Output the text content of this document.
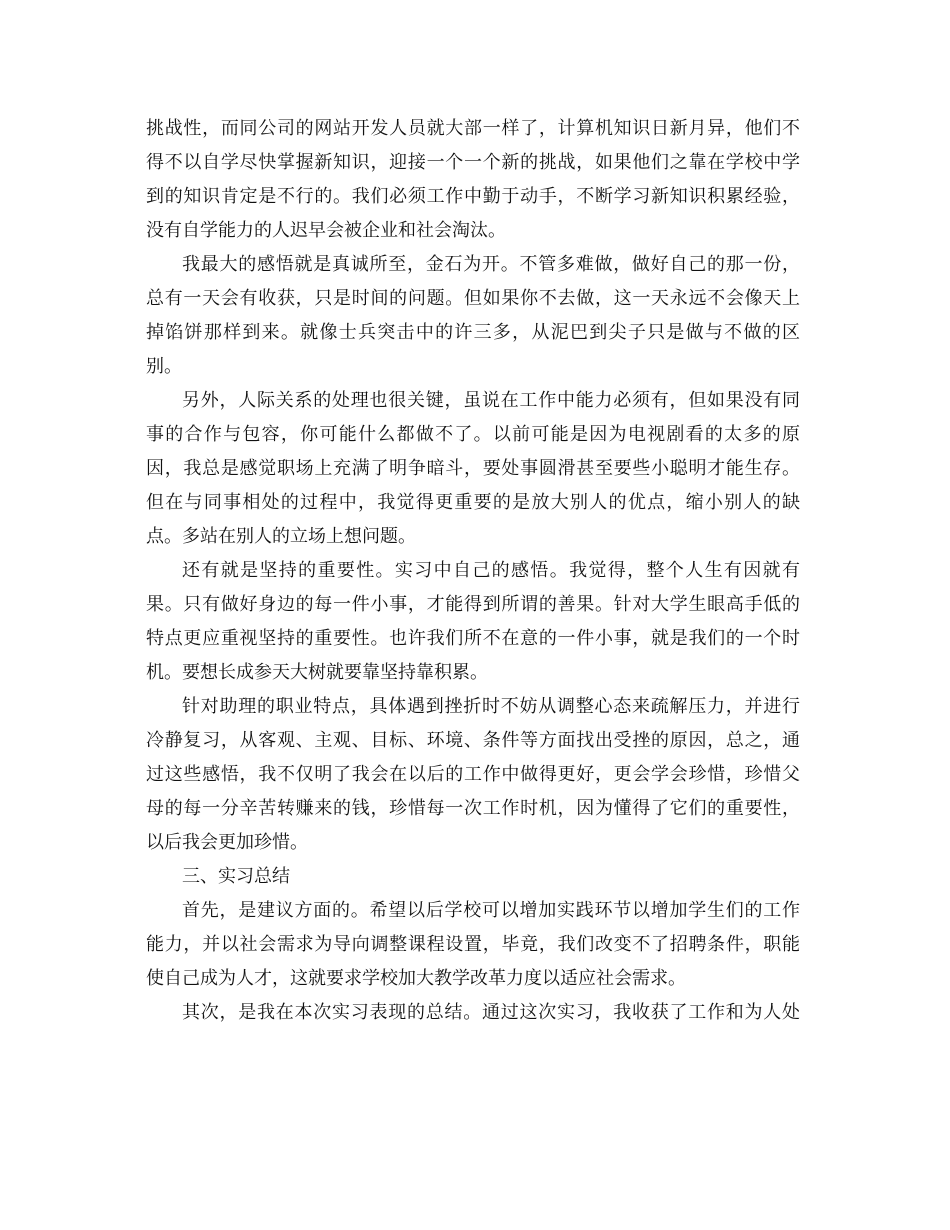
挑战性，而同公司的网站开发人员就大部一样了，计算机知识日新月异，他们不
得不以自学尽快掌握新知识，迎接一个一个新的挑战，如果他们之靠在学校中学
到的知识肯定是不行的。我们必须工作中勤于动手，不断学习新知识积累经验，
没有自学能力的人迟早会被企业和社会淘汰。
我最大的感悟就是真诚所至，金石为开。不管多难做，做好自己的那一份，
总有一天会有收获，只是时间的问题。但如果你不去做，这一天永远不会像天上
掉馅饼那样到来。就像士兵突击中的许三多，从泥巴到尖子只是做与不做的区
别。
另外，人际关系的处理也很关键，虽说在工作中能力必须有，但如果没有同
事的合作与包容，你可能什么都做不了。以前可能是因为电视剧看的太多的原
因，我总是感觉职场上充满了明争暗斗，要处事圆滑甚至要些小聪明才能生存。
但在与同事相处的过程中，我觉得更重要的是放大别人的优点，缩小别人的缺
点。多站在别人的立场上想问题。
还有就是坚持的重要性。实习中自己的感悟。我觉得，整个人生有因就有
果。只有做好身边的每一件小事，才能得到所谓的善果。针对大学生眼高手低的
特点更应重视坚持的重要性。也许我们所不在意的一件小事，就是我们的一个时
机。要想长成参天大树就要靠坚持靠积累。
针对助理的职业特点，具体遇到挫折时不妨从调整心态来疏解压力，并进行
冷静复习，从客观、主观、目标、环境、条件等方面找出受挫的原因，总之，通
过这些感悟，我不仅明了我会在以后的工作中做得更好，更会学会珍惜，珍惜父
母的每一分辛苦转赚来的钱，珍惜每一次工作时机，因为懂得了它们的重要性，
以后我会更加珍惜。
三、实习总结
首先，是建议方面的。希望以后学校可以增加实践环节以增加学生们的工作
能力，并以社会需求为导向调整课程设置，毕竟，我们改变不了招聘条件，职能
使自己成为人才，这就要求学校加大教学改革力度以适应社会需求。
其次，是我在本次实习表现的总结。通过这次实习，我收获了工作和为人处
